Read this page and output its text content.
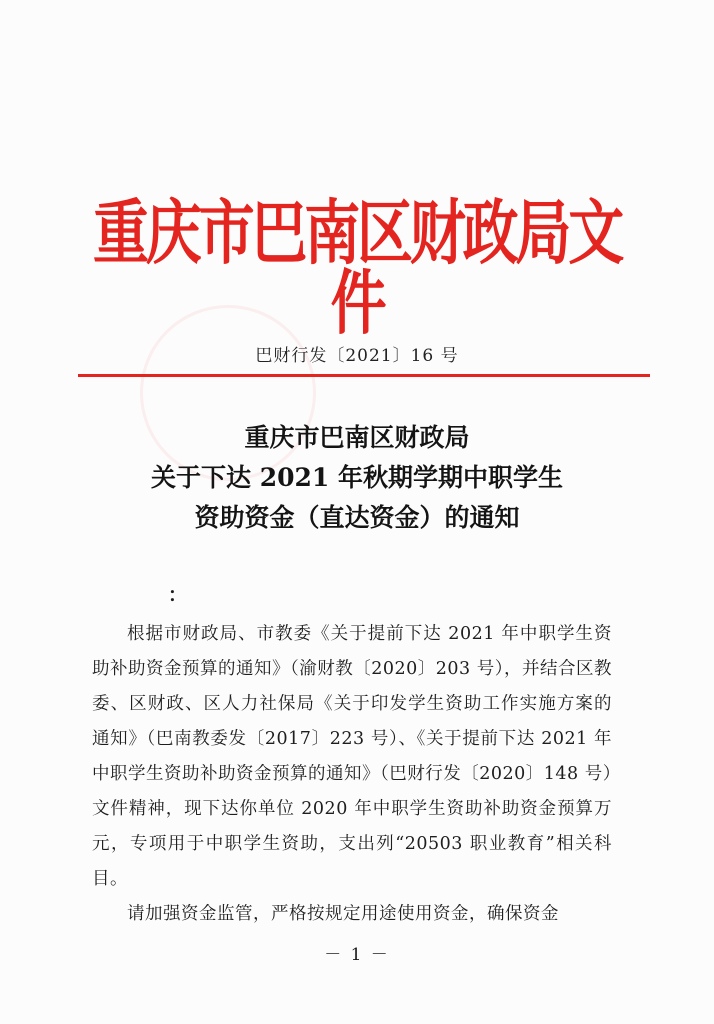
重庆市巴南区财政局文件
巴财行发〔2021〕16 号
重庆市巴南区财政局
关于下达 2021 年秋期学期中职学生
资助资金（直达资金）的通知
：

根据市财政局、市教委《关于提前下达 2021 年中职学生资助补助资金预算的通知》（渝财教〔2020〕203 号），并结合区教委、区财政、区人力社保局《关于印发学生资助工作实施方案的通知》（巴南教委发〔2017〕223 号）、《关于提前下达 2021 年中职学生资助补助资金预算的通知》（巴财行发〔2020〕148 号）文件精神，现下达你单位 2020 年中职学生资助补助资金预算万元，专项用于中职学生资助，支出列“20503 职业教育”相关科目。

请加强资金监管，严格按规定用途使用资金，确保资金

－ 1 －
